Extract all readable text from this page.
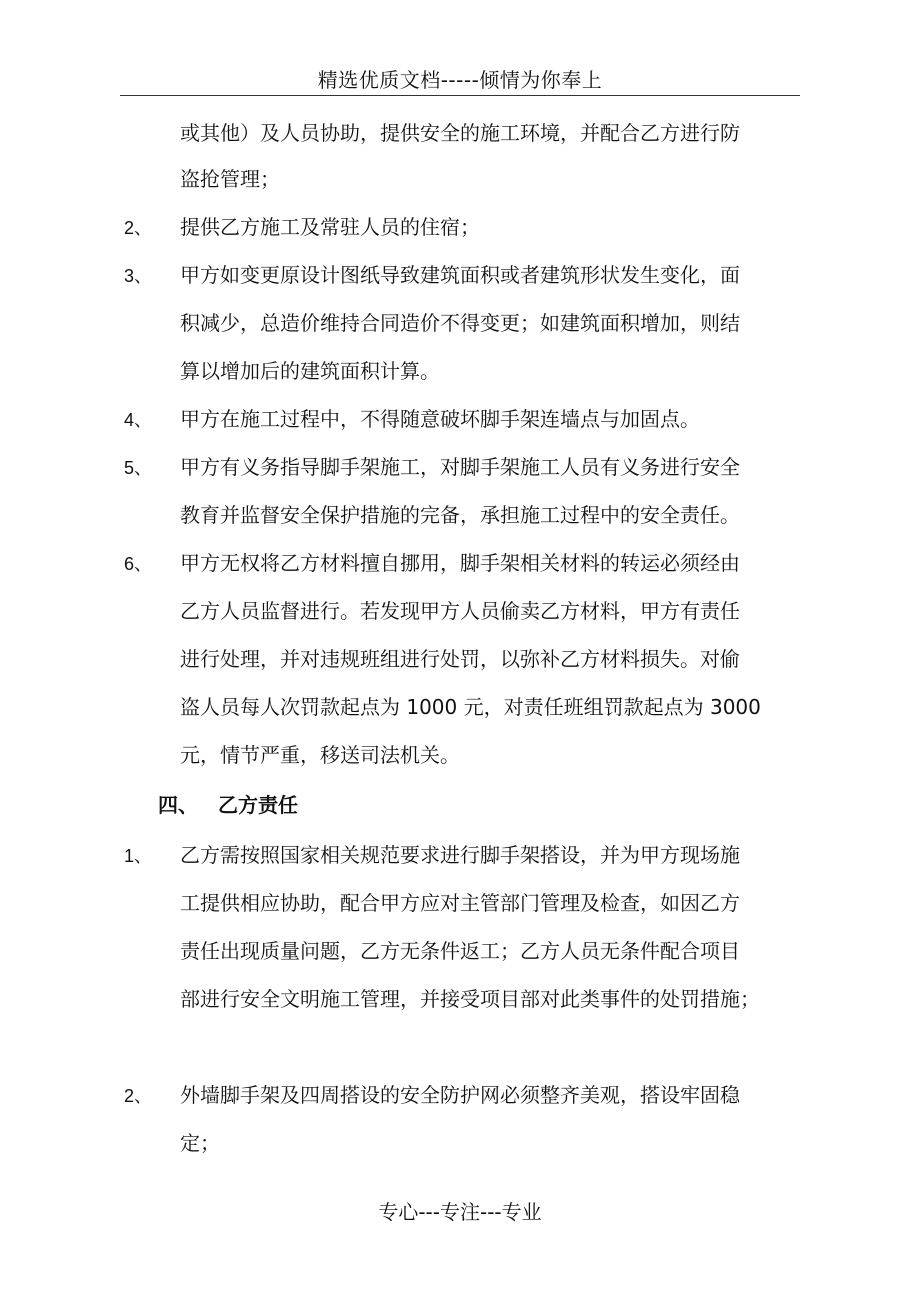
精选优质文档-----倾情为你奉上
或其他）及人员协助，提供安全的施工环境，并配合乙方进行防
盗抢管理；
2、 提供乙方施工及常驻人员的住宿；
3、 甲方如变更原设计图纸导致建筑面积或者建筑形状发生变化，面
积减少，总造价维持合同造价不得变更；如建筑面积增加，则结
算以增加后的建筑面积计算。
4、 甲方在施工过程中，不得随意破坏脚手架连墙点与加固点。
5、 甲方有义务指导脚手架施工，对脚手架施工人员有义务进行安全
教育并监督安全保护措施的完备，承担施工过程中的安全责任。
6、 甲方无权将乙方材料擅自挪用，脚手架相关材料的转运必须经由
乙方人员监督进行。若发现甲方人员偷卖乙方材料，甲方有责任
进行处理，并对违规班组进行处罚，以弥补乙方材料损失。对偷
盗人员每人次罚款起点为 1000 元，对责任班组罚款起点为 3000
元，情节严重，移送司法机关。
四、 乙方责任
1、 乙方需按照国家相关规范要求进行脚手架搭设，并为甲方现场施
工提供相应协助，配合甲方应对主管部门管理及检查，如因乙方
责任出现质量问题，乙方无条件返工；乙方人员无条件配合项目
部进行安全文明施工管理，并接受项目部对此类事件的处罚措施；
2、 外墙脚手架及四周搭设的安全防护网必须整齐美观，搭设牢固稳
定；
专心---专注---专业
